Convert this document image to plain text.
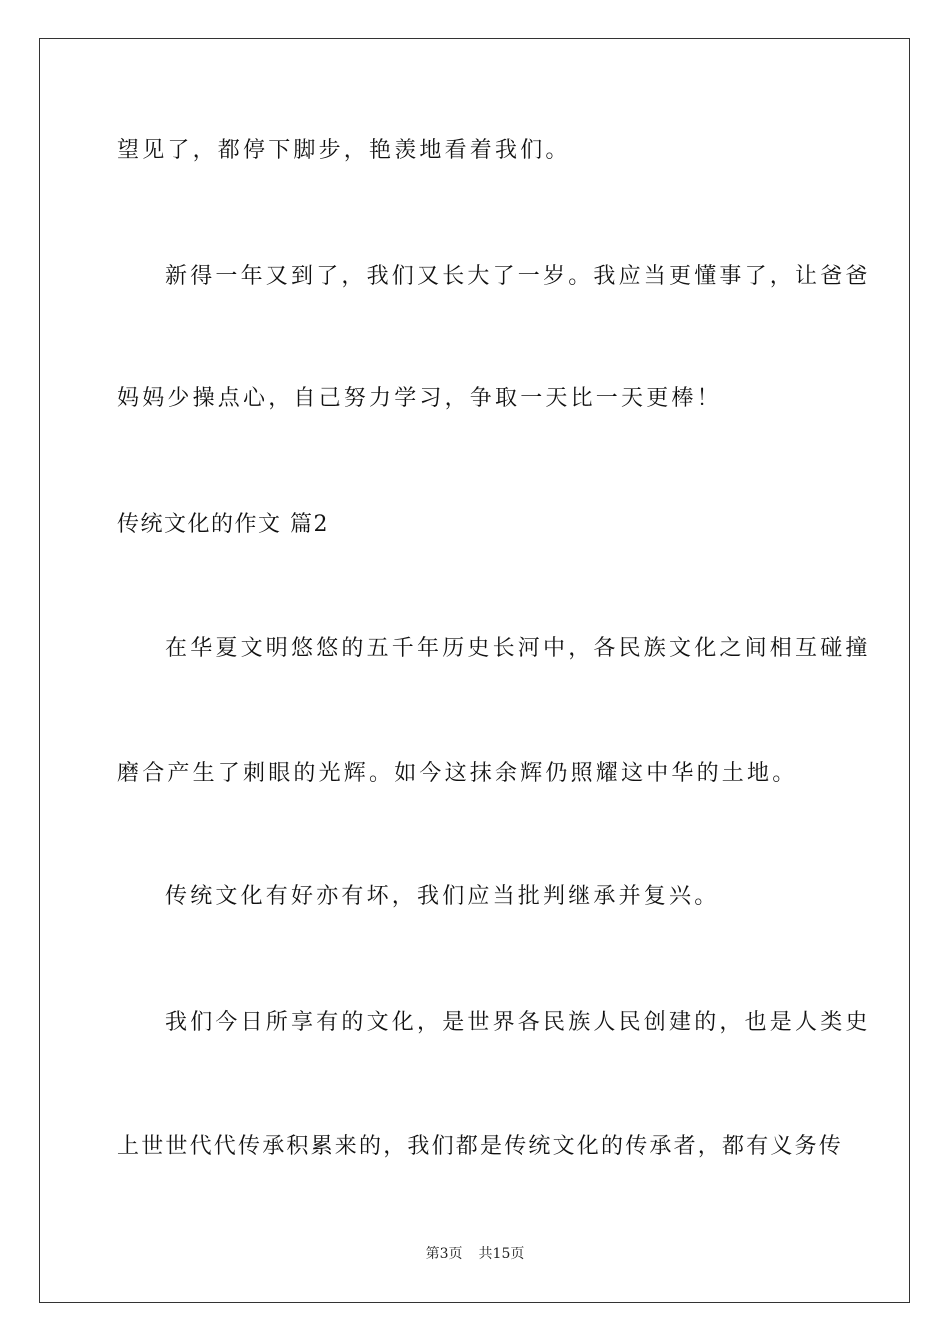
望见了，都停下脚步，艳羡地看着我们。
新得一年又到了，我们又长大了一岁。我应当更懂事了，让爸爸
妈妈少操点心，自己努力学习，争取一天比一天更棒！
传统文化的作文 篇2
在华夏文明悠悠的五千年历史长河中，各民族文化之间相互碰撞
磨合产生了刺眼的光辉。如今这抹余辉仍照耀这中华的土地。
传统文化有好亦有坏，我们应当批判继承并复兴。
我们今日所享有的文化，是世界各民族人民创建的，也是人类史
上世世代代传承积累来的，我们都是传统文化的传承者，都有义务传
第3页 共15页
